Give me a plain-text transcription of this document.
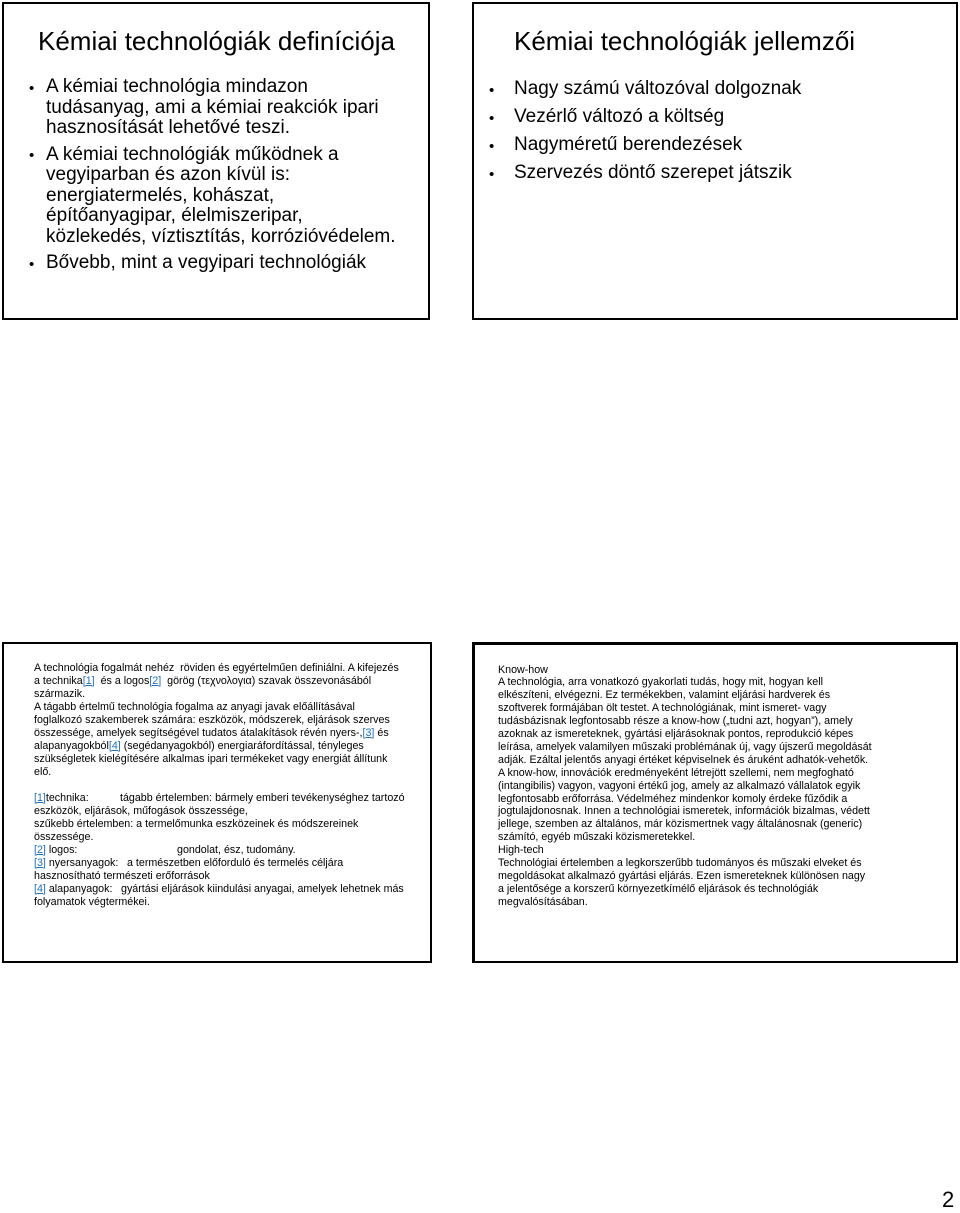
Kémiai technológiák definíciója
• A kémiai technológia mindazon
tudásanyag, ami a kémiai reakciók ipari
hasznosítását lehetővé teszi.
• A kémiai technológiák működnek a
vegyiparban és azon kívül is:
energiatermelés, kohászat,
építőanyagipar, élelmiszeripar,
közlekedés, víztisztítás, korrózióvédelem.
• Bővebb, mint a vegyipari technológiák
Kémiai technológiák jellemzői
• Nagy számú változóval dolgoznak
• Vezérlő változó a költség
• Nagyméretű berendezések
• Szervezés döntő szerepet játszik
A technológia fogalmát nehéz  röviden és egyértelműen definiálni. A kifejezés
a technika[1]  és a logos[2]  görög (τεχνολογια) szavak összevonásából
származik.
A tágabb értelmű technológia fogalma az anyagi javak előállításával
foglalkozó szakemberek számára: eszközök, módszerek, eljárások szerves
összessége, amelyek segítségével tudatos átalakítások révén nyers-,[3] és
alapanyagokból[4] (segédanyagokból) energiaráfordítással, tényleges
szükségletek kielégítésére alkalmas ipari termékeket vagy energiát állítunk
elő.
[1]technika:	tágabb értelemben: bármely emberi tevékenységhez tartozó
eszközök, eljárások, műfogások összessége,
szűkebb értelemben: a termelőmunka eszközeinek és módszereinek
összessége.
[2] logos:	gondolat, ész, tudomány.
[3] nyersanyagok: a természetben előforduló és termelés céljára
hasznosítható természeti erőforrások
[4] alapanyagok: gyártási eljárások kiindulási anyagai, amelyek lehetnek más
folyamatok végtermékei.
Know-how
A technológia, arra vonatkozó gyakorlati tudás, hogy mit, hogyan kell
elkészíteni, elvégezni. Ez termékekben, valamint eljárási hardverek és
szoftverek formájában ölt testet. A technológiának, mint ismeret- vagy
tudásbázisnak legfontosabb része a know-how („tudni azt, hogyan”), amely
azoknak az ismereteknek, gyártási eljárásoknak pontos, reprodukció képes
leírása, amelyek valamilyen műszaki problémának új, vagy újszerű megoldását
adják. Ezáltal jelentős anyagi értéket képviselnek és áruként adhatók-vehetők.
A know-how, innovációk eredményeként létrejött szellemi, nem megfogható
(intangibilis) vagyon, vagyoni értékű jog, amely az alkalmazó vállalatok egyik
legfontosabb erőforrása. Védelméhez mindenkor komoly érdeke fűződik a
jogtulajdonosnak. Innen a technológiai ismeretek, információk bizalmas, védett
jellege, szemben az általános, már közismertnek vagy általánosnak (generic)
számító, egyéb műszaki közismeretekkel.
High-tech
Technológiai értelemben a legkorszerűbb tudományos és műszaki elveket és
megoldásokat alkalmazó gyártási eljárás. Ezen ismereteknek különösen nagy
a jelentősége a korszerű környezetkímélő eljárások és technológiák
megvalósításában.
2
